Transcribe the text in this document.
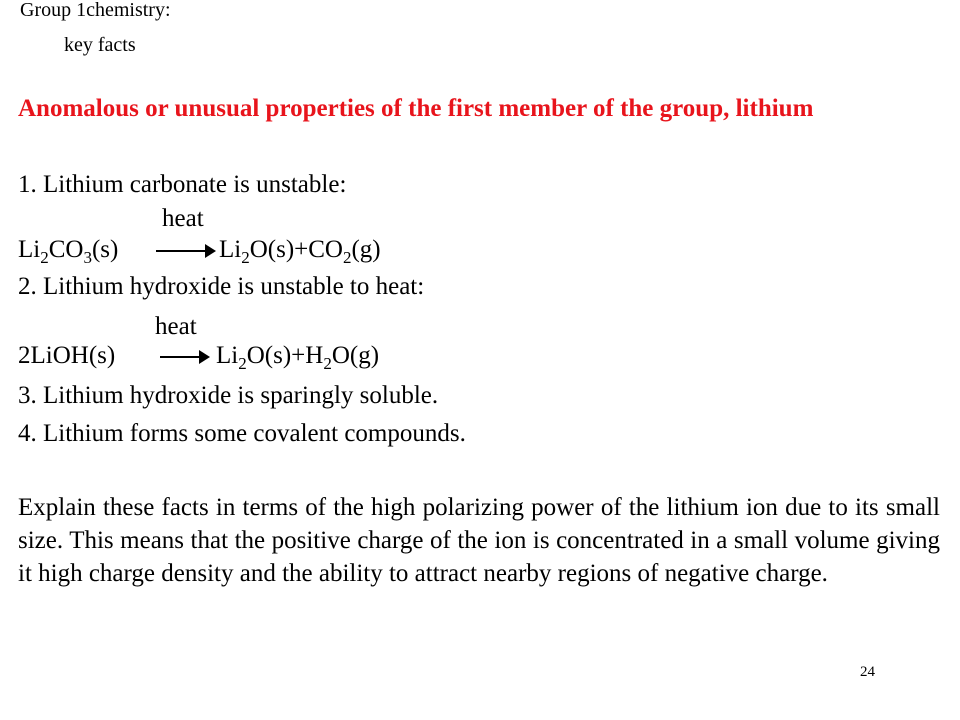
Group 1chemistry:
key facts
Anomalous or unusual properties of the first member of the group, lithium
1. Lithium carbonate is unstable:
heat
$Li_2CO_3(s)$	$Li_2O(s)+CO_2(g)$
2. Lithium hydroxide is unstable to heat:
heat
2LiOH(s)	$Li_2O(s)+H_2O(g)$
3. Lithium hydroxide is sparingly soluble.
4. Lithium forms some covalent compounds.
Explain these facts in terms of the high polarizing power of the lithium ion due to its small size. This means that the positive charge of the ion is concentrated in a small volume giving it high charge density and the ability to attract nearby regions of negative charge.
24
